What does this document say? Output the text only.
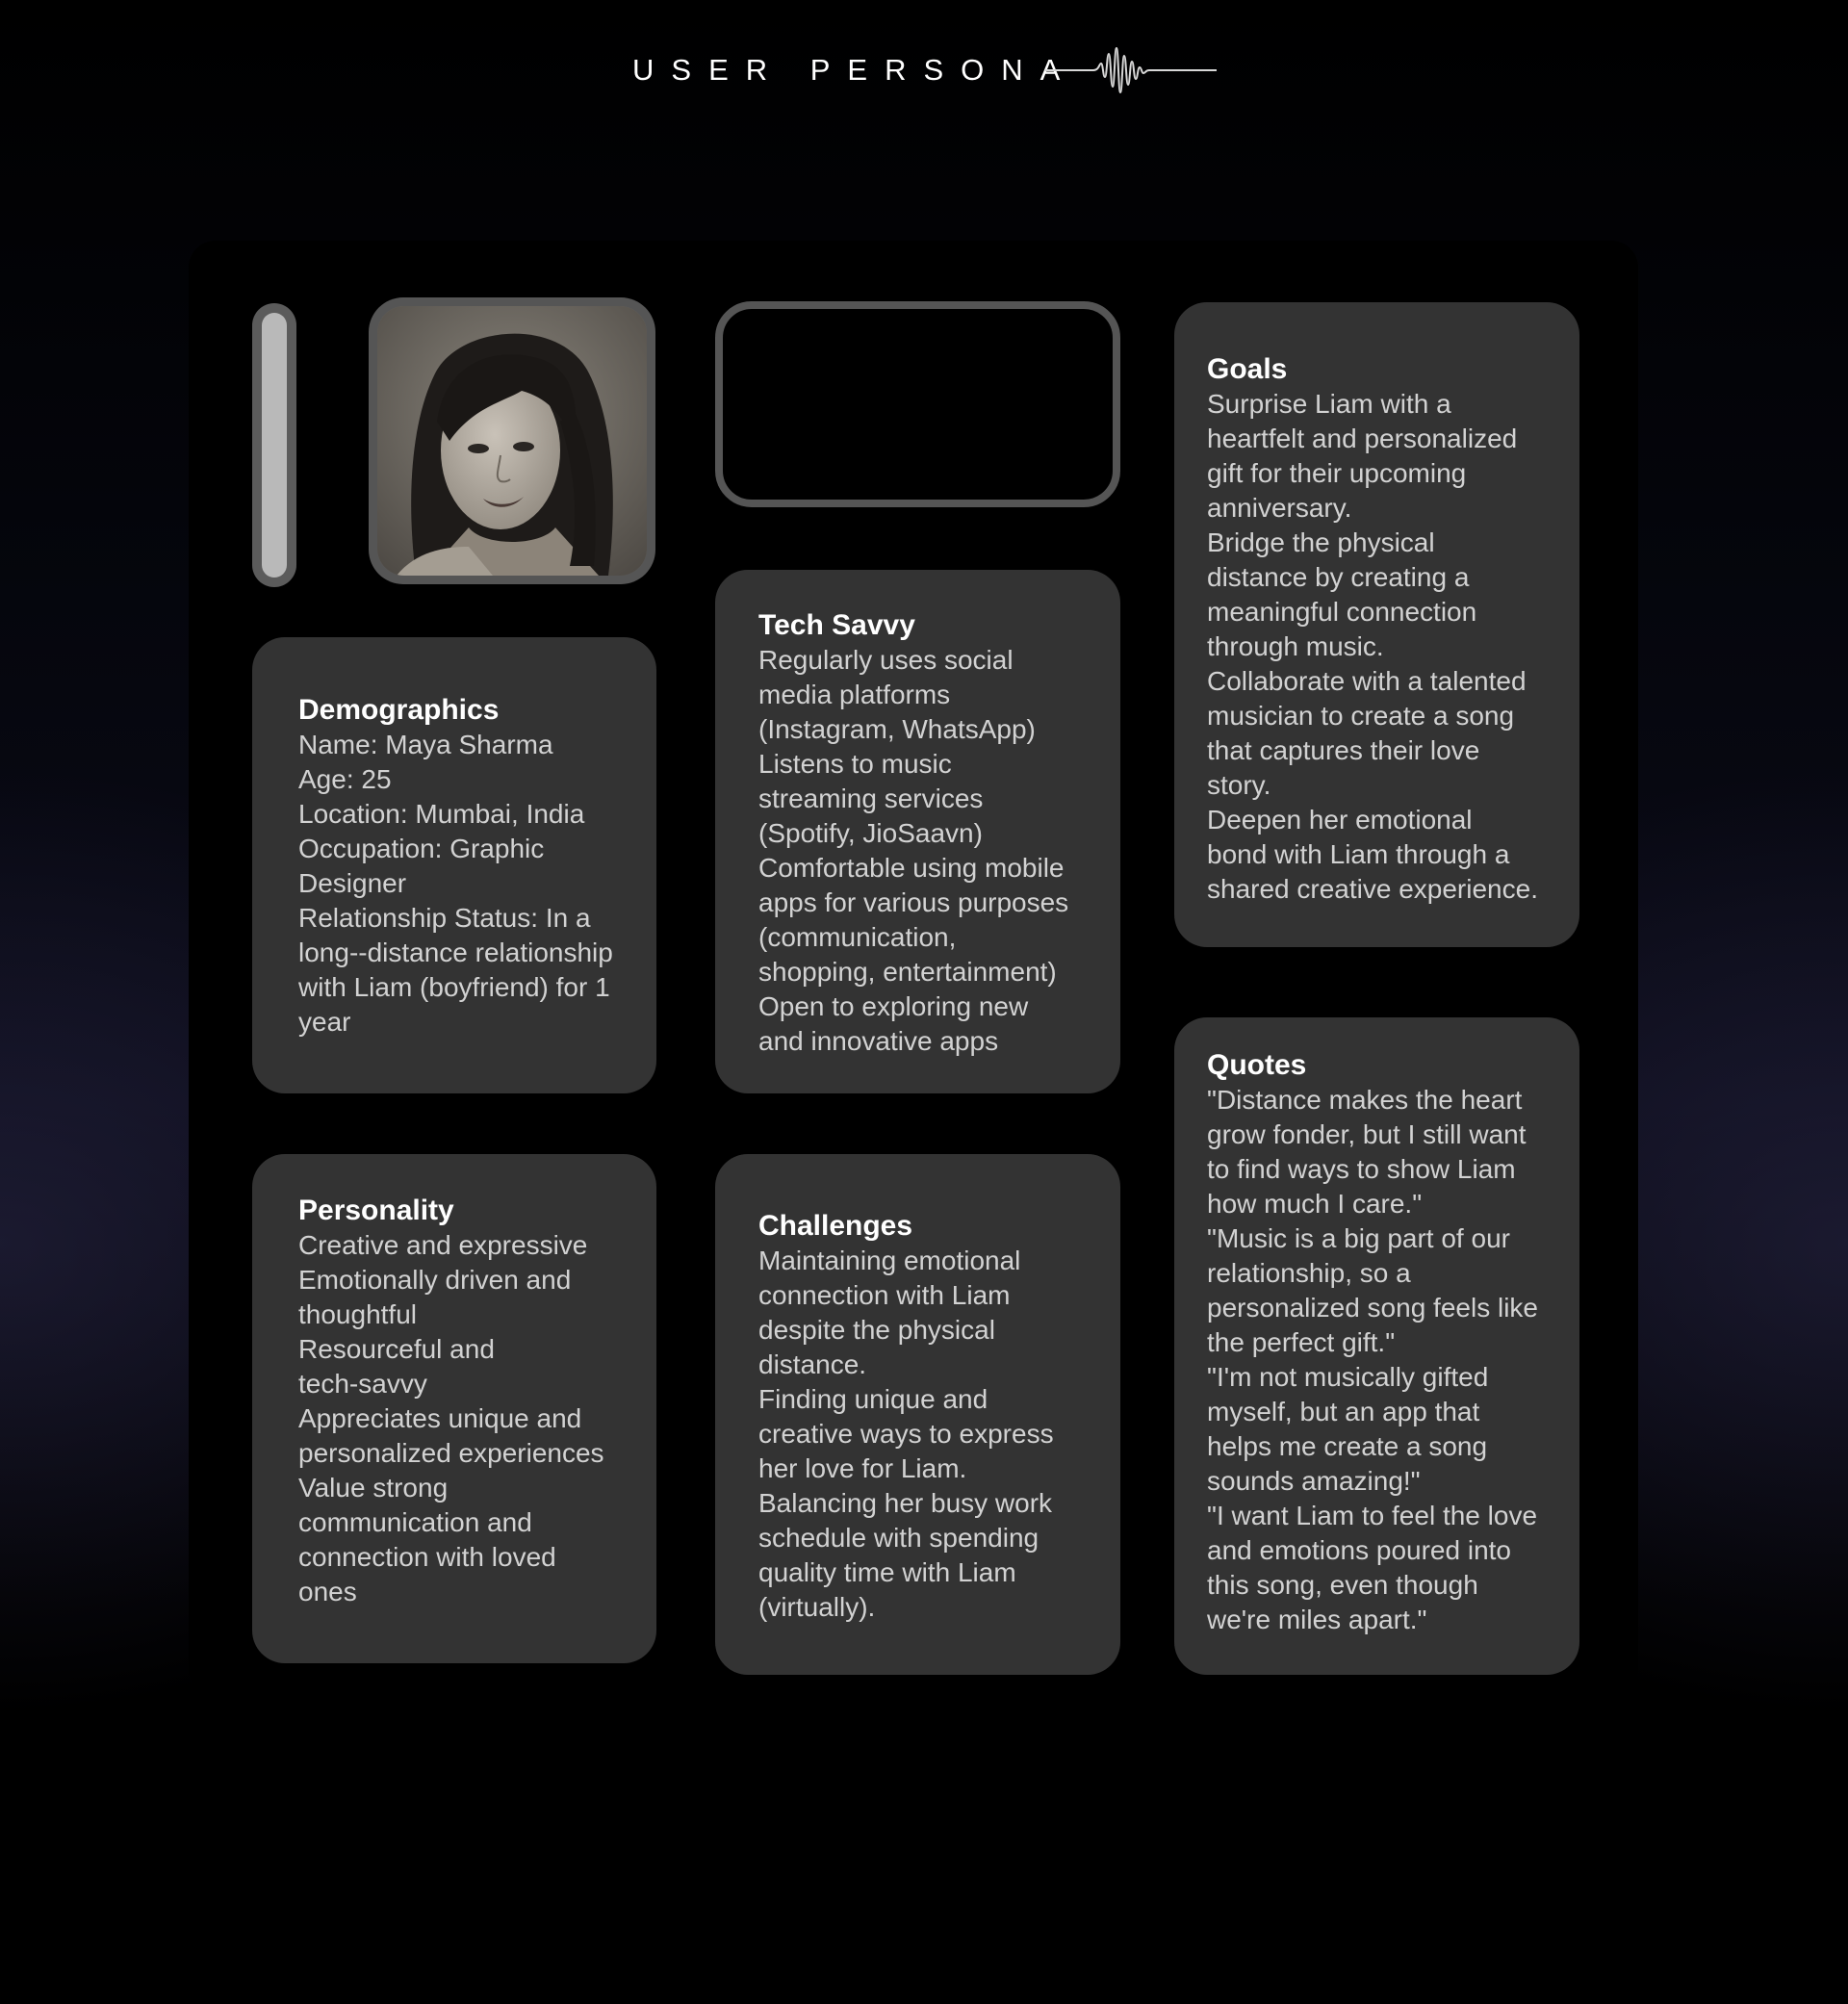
USER PERSONA
Demographics
Name: Maya Sharma
Age: 25
Location: Mumbai, India
Occupation: Graphic
Designer
Relationship Status: In a
long--distance relationship
with Liam (boyfriend) for 1
year
Tech Savvy
Regularly uses social
media platforms
(Instagram, WhatsApp)
Listens to music
streaming services
(Spotify, JioSaavn)
Comfortable using mobile
apps for various purposes
(communication,
shopping, entertainment)
Open to exploring new
and innovative apps
Goals
Surprise Liam with a
heartfelt and personalized
gift for their upcoming
anniversary.
Bridge the physical
distance by creating a
meaningful connection
through music.
Collaborate with a talented
musician to create a song
that captures their love
story.
Deepen her emotional
bond with Liam through a
shared creative experience.
Personality
Creative and expressive
Emotionally driven and
thoughtful
Resourceful and
tech-savvy
Appreciates unique and
personalized experiences
Value strong
communication and
connection with loved
ones
Challenges
Maintaining emotional
connection with Liam
despite the physical
distance.
Finding unique and
creative ways to express
her love for Liam.
Balancing her busy work
schedule with spending
quality time with Liam
(virtually).
Quotes
"Distance makes the heart
grow fonder, but I still want
to find ways to show Liam
how much I care."
"Music is a big part of our
relationship, so a
personalized song feels like
the perfect gift."
"I'm not musically gifted
myself, but an app that
helps me create a song
sounds amazing!"
"I want Liam to feel the love
and emotions poured into
this song, even though
we're miles apart."
